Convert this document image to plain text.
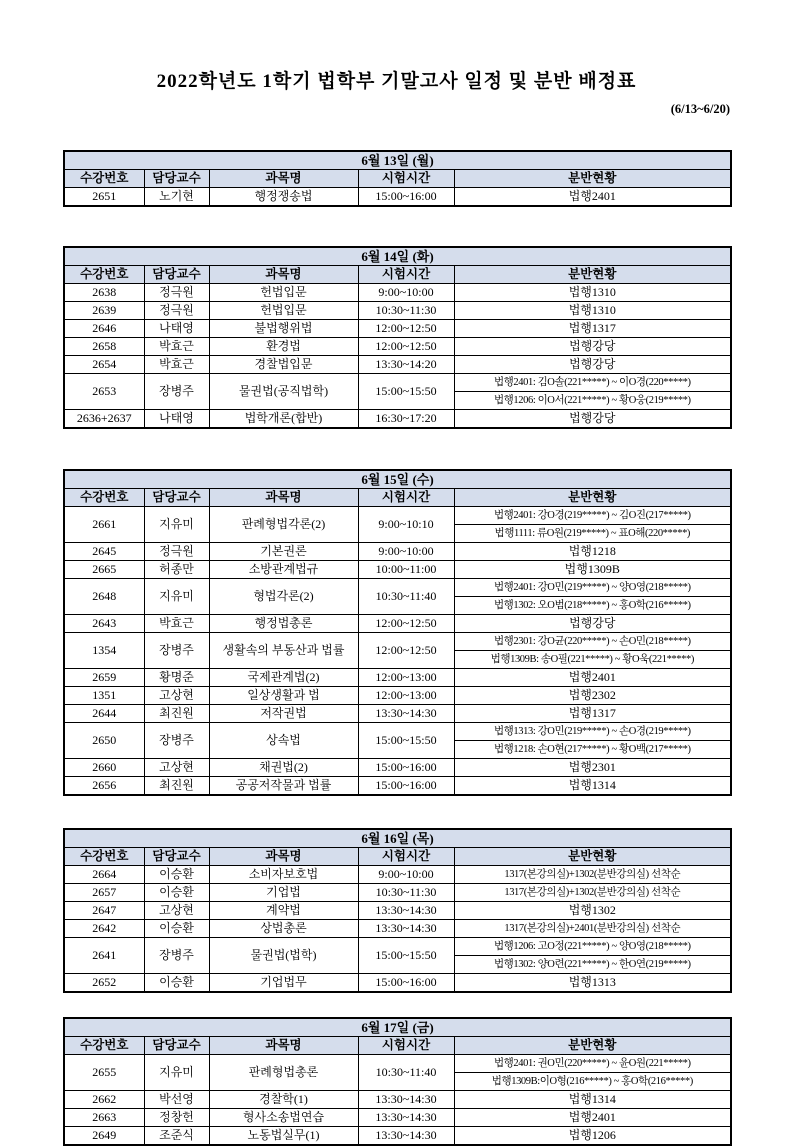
2022학년도 1학기 법학부 기말고사 일정 및 분반 배정표
(6/13~6/20)
6월 13일 (월)				
수강번호	담당교수	과목명	시험시간	분반현황
2651	노기현	행정쟁송법	15:00~16:00	법행2401
6월 14일 (화)				
수강번호	담당교수	과목명	시험시간	분반현황
2638	정극원	헌법입문	9:00~10:00	법행1310
2639	정극원	헌법입문	10:30~11:30	법행1310
2646	나태영	불법행위법	12:00~12:50	법행1317
2658	박효근	환경법	12:00~12:50	법행강당
2654	박효근	경찰법입문	13:30~14:20	법행강당
2653	장병주	물권법(공직법학)	15:00~15:50	법행2401: 김O솔(221*****) ~ 이O경(220*****)
				법행1206: 이O서(221*****) ~ 황O웅(219*****)
2636+2637	나태영	법학개론(합반)	16:30~17:20	법행강당
6월 15일 (수)				
수강번호	담당교수	과목명	시험시간	분반현황
2661	지유미	판례형법각론(2)	9:00~10:10	법행2401: 강O경(219*****) ~ 김O진(217*****)
				법행1111: 류O원(219*****) ~ 표O해(220*****)
2645	정극원	기본권론	9:00~10:00	법행1218
2665	허종만	소방관계법규	10:00~11:00	법행1309B
2648	지유미	형법각론(2)	10:30~11:40	법행2401: 강O민(219*****) ~ 양O영(218*****)
				법행1302: 오O범(218*****) ~ 홍O학(216*****)
2643	박효근	행정법총론	12:00~12:50	법행강당
1354	장병주	생활속의 부동산과 법률	12:00~12:50	법행2301: 강O균(220*****) ~ 손O민(218*****)
				법행1309B: 송O필(221*****) ~ 황O욱(221*****)
2659	황명준	국제관계법(2)	12:00~13:00	법행2401
1351	고상현	일상생활과 법	12:00~13:00	법행2302
2644	최진원	저작권법	13:30~14:30	법행1317
2650	장병주	상속법	15:00~15:50	법행1313: 강O민(219*****) ~ 손O경(219*****)
				법행1218: 손O현(217*****) ~ 황O백(217*****)
2660	고상현	채권법(2)	15:00~16:00	법행2301
2656	최진원	공공저작물과 법률	15:00~16:00	법행1314
6월 16일 (목)				
수강번호	담당교수	과목명	시험시간	분반현황
2664	이승환	소비자보호법	9:00~10:00	1317(본강의실)+1302(분반강의실) 선착순
2657	이승환	기업법	10:30~11:30	1317(본강의실)+1302(분반강의실) 선착순
2647	고상현	계약법	13:30~14:30	법행1302
2642	이승환	상법총론	13:30~14:30	1317(본강의실)+2401(분반강의실) 선착순
2641	장병주	물권법(법학)	15:00~15:50	법행1206: 고O정(221*****) ~ 양O영(218*****)
				법행1302: 양O련(221*****) ~ 한O연(219*****)
2652	이승환	기업법무	15:00~16:00	법행1313
6월 17일 (금)				
수강번호	담당교수	과목명	시험시간	분반현황
2655	지유미	판례형법총론	10:30~11:40	법행2401: 권O민(220*****) ~ 윤O원(221*****)
				법행1309B:이O형(216*****) ~ 홍O학(216*****)
2662	박선영	경찰학(1)	13:30~14:30	법행1314
2663	정창헌	형사소송법연습	13:30~14:30	법행2401
2649	조준식	노동법실무(1)	13:30~14:30	법행1206
